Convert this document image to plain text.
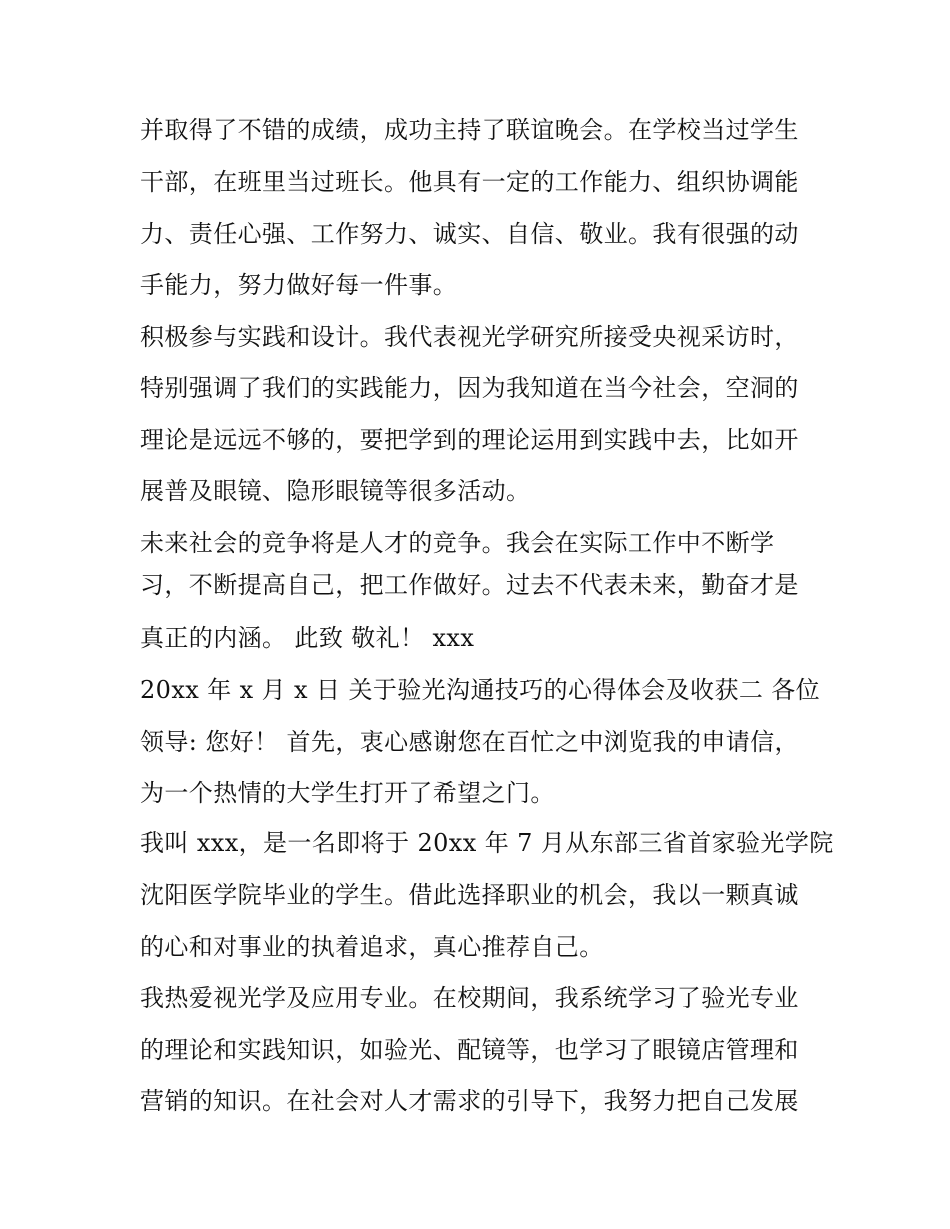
并取得了不错的成绩，成功主持了联谊晚会。在学校当过学生
干部，在班里当过班长。他具有一定的工作能力、组织协调能
力、责任心强、工作努力、诚实、自信、敬业。我有很强的动
手能力，努力做好每一件事。
积极参与实践和设计。我代表视光学研究所接受央视采访时，
特别强调了我们的实践能力，因为我知道在当今社会，空洞的
理论是远远不够的，要把学到的理论运用到实践中去，比如开
展普及眼镜、隐形眼镜等很多活动。
未来社会的竞争将是人才的竞争。我会在实际工作中不断学
习，不断提高自己，把工作做好。过去不代表未来，勤奋才是
真正的内涵。 此致 敬礼！ xxx
20xx 年 x 月 x 日 关于验光沟通技巧的心得体会及收获二 各位
领导: 您好！ 首先，衷心感谢您在百忙之中浏览我的申请信，
为一个热情的大学生打开了希望之门。
我叫 xxx，是一名即将于 20xx 年 7 月从东部三省首家验光学院
沈阳医学院毕业的学生。借此选择职业的机会，我以一颗真诚
的心和对事业的执着追求，真心推荐自己。
我热爱视光学及应用专业。在校期间，我系统学习了验光专业
的理论和实践知识，如验光、配镜等，也学习了眼镜店管理和
营销的知识。在社会对人才需求的引导下，我努力把自己发展
